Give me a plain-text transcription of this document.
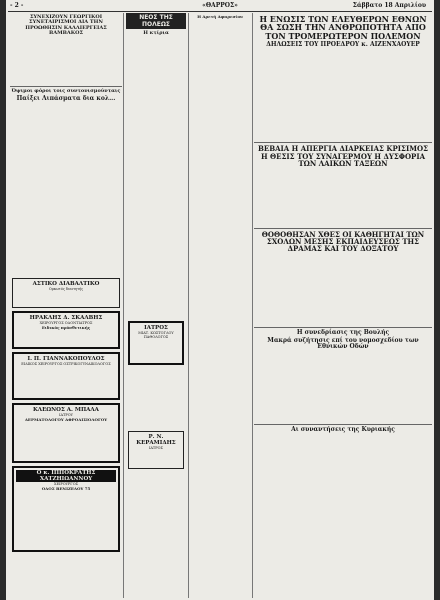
- 2 -	«ΘΑΡΡΟΣ»	Σάββατο 18 Απριλίου
ΣΥΝΕΧΙΖΟΥΝ ΓΕΩΡΓΙΚΟΙ ΣΥΝΕΤΑΙΡΙΣΜΟΙ ΔΙΑ ΤΗΝ ΠΡΟΩΘΗΣΙΝ ΚΑΛΛΙΕΡΓΕΙΑΣ ΒΑΜΒΑΚΟΣ
Όψιμοι φόροι τοις συντονισμούνταις
Παίξει Λιπάσματα δια κολ...
ΑΣΤΙΚΟ ΔΙΑΒΑΛΤΙΚΟ
Ορκωτός διαιτητής
ΗΡΑΚΛΗΣ Δ. ΣΚΑΛΒΗΣ
ΧΕΙΡΟΥΡΓΟΣ ΟΔΟΝΤΙΑΤΡΟΣ
Ειδικός πρόσθετικής
Ι. Π. ΓΙΑΝΝΑΚΟΠΟΥΛΟΣ
ΕΙΔΙΚΟΣ ΧΕΙΡΟΥΡΓΟΣ ΟΣΤΡΙΚΟΓΥΝΑΙΚΟΛΟΓΟΣ
ΚΛΕΩΝΟΣ Α. ΜΠΑΛΑ
ΙΑΤΡΟΥ
ΔΕΡΜΑΤΟΛΟΓΟΥ ΑΦΡΟΔΙΣΙΟΛΟΓΟΥ
Ο κ. ΙΠΠΟΚΡΑΤΗΣ ΧΑΤΖΗΙΩΑΝΝΟΥ
ΧΕΙΡΟΥΡΓΟΣ
ΟΔΟΣ ΒΕΝΙΖΕΛΟΥ 75
ΝΕΟΣ ΤΗΣ ΠΟΛΕΩΣ
Η κτίρια
ΙΑΤΡΟΣ
ΜΙΑΤ. ΚΩΣΤΟΓΛΟΥ
ΠΑΘΟΛΟΓΟΣ
Ρ. Ν. ΚΕΡΑΜΙΔΗΣ
ΙΑΤΡΟΣ
Η Αρετή Αφαρεσίου	Η ΕΝΩΣΙΣ ΤΩΝ ΕΛΕΥΘΕΡΩΝ ΕΘΝΩΝ ΘΑ ΣΩΣΗ ΤΗΝ ΑΝΘΡΩΠΟΤΗΤΑ ΑΠΟ ΤΟΝ ΤΡΟΜΕΡΩΤΕΡΟΝ ΠΟΛΕΜΟΝ
ΔΗΛΩΣΕΙΣ ΤΟΥ ΠΡΟΕΔΡΟΥ κ. ΑΙΖΕΝΧΑΟΥΕΡ
ΒΕΒΑΙΑ Η ΑΠΕΡΓΙΑ ΔΙΑΡΚΕΙΑΣ ΚΡΙΣΙΜΟΣ Η ΘΕΣΙΣ ΤΟΥ ΣΥΝΑΓΕΡΜΟΥ Η ΔΥΣΦΟΡΙΑ ΤΩΝ ΛΑΙΚΩΝ ΤΑΞΕΩΝ
ΘΟΘΟΘΗΣΑΝ ΧΘΕΣ ΟΙ ΚΑΘΗΓΗΤΑΙ ΤΩΝ ΣΧΟΛΩΝ ΜΕΣΗΣ ΕΚΠΑΙΔΕΥΣΕΩΣ ΤΗΣ ΔΡΑΜΑΣ ΚΑΙ ΤΟΥ ΔΟΞΑΤΟΥ
Η συνεδρίασις της Βουλής
Μακρά συζήτησις επί του νομοσχεδίου των Εθνικών Οδών
Αι συναντήσεις της Κυριακής
